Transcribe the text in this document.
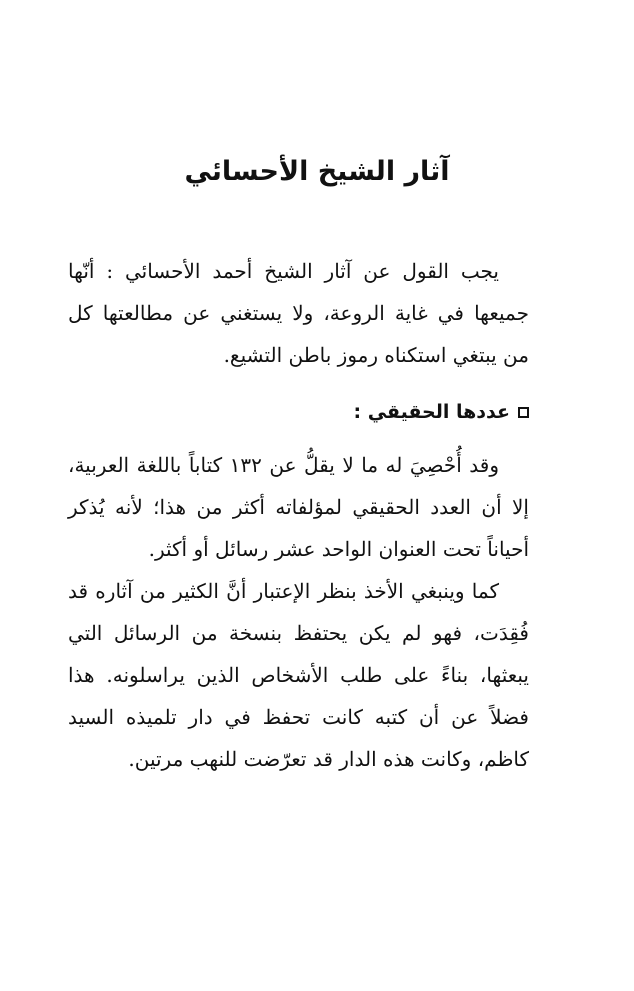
آثار الشيخ الأحسائي

يجب القول عن آثار الشيخ أحمد الأحسائي : أنّها جميعها في غاية الروعة، ولا يستغني عن مطالعتها كل من يبتغي استكناه رموز باطن التشيع.

عددها الحقيقي :

وقد أُحْصِيَ له ما لا يقلُّ عن ١٣٢ كتاباً باللغة العربية، إلا أن العدد الحقيقي لمؤلفاته أكثر من هذا؛ لأنه يُذكر أحياناً تحت العنوان الواحد عشر رسائل أو أكثر.

كما وينبغي الأخذ بنظر الإعتبار أنَّ الكثير من آثاره قد فُقِدَت، فهو لم يكن يحتفظ بنسخة من الرسائل التي يبعثها، بناءً على طلب الأشخاص الذين يراسلونه. هذا فضلاً عن أن كتبه كانت تحفظ في دار تلميذه السيد كاظم، وكانت هذه الدار قد تعرّضت للنهب مرتين.
